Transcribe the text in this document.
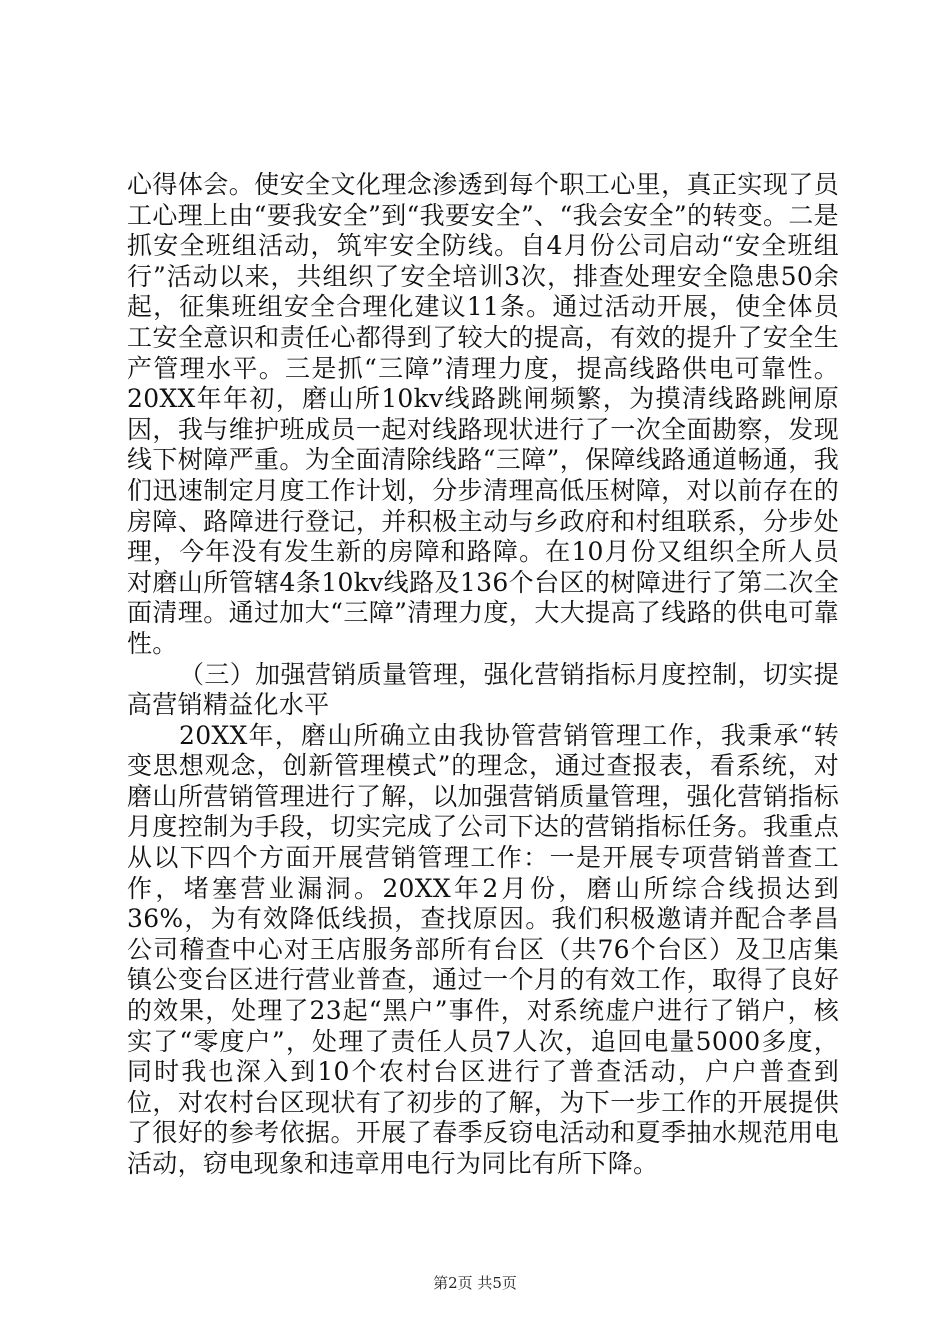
心得体会。使安全文化理念渗透到每个职工心里，真正实现了员工心理上由“要我安全”到“我要安全”、“我会安全”的转变。二是抓安全班组活动，筑牢安全防线。自4月份公司启动“安全班组行”活动以来，共组织了安全培训3次，排查处理安全隐患50余起，征集班组安全合理化建议11条。通过活动开展，使全体员工安全意识和责任心都得到了较大的提高，有效的提升了安全生产管理水平。三是抓“三障”清理力度，提高线路供电可靠性。20XX年年初，磨山所10kv线路跳闸频繁，为摸清线路跳闸原因，我与维护班成员一起对线路现状进行了一次全面勘察，发现线下树障严重。为全面清除线路“三障”，保障线路通道畅通，我们迅速制定月度工作计划，分步清理高低压树障，对以前存在的房障、路障进行登记，并积极主动与乡政府和村组联系，分步处理，今年没有发生新的房障和路障。在10月份又组织全所人员对磨山所管辖4条10kv线路及136个台区的树障进行了第二次全面清理。通过加大“三障”清理力度，大大提高了线路的供电可靠性。

（三）加强营销质量管理，强化营销指标月度控制，切实提高营销精益化水平

20XX年，磨山所确立由我协管营销管理工作，我秉承“转变思想观念，创新管理模式”的理念，通过查报表，看系统，对磨山所营销管理进行了解，以加强营销质量管理，强化营销指标月度控制为手段，切实完成了公司下达的营销指标任务。我重点从以下四个方面开展营销管理工作：一是开展专项营销普查工作，堵塞营业漏洞。20XX年2月份，磨山所综合线损达到36%，为有效降低线损，查找原因。我们积极邀请并配合孝昌公司稽查中心对王店服务部所有台区（共76个台区）及卫店集镇公变台区进行营业普查，通过一个月的有效工作，取得了良好的效果，处理了23起“黑户”事件，对系统虚户进行了销户，核实了“零度户”，处理了责任人员7人次，追回电量5000多度，同时我也深入到10个农村台区进行了普查活动，户户普查到位，对农村台区现状有了初步的了解，为下一步工作的开展提供了很好的参考依据。开展了春季反窃电活动和夏季抽水规范用电活动，窃电现象和违章用电行为同比有所下降。

第2页 共5页
